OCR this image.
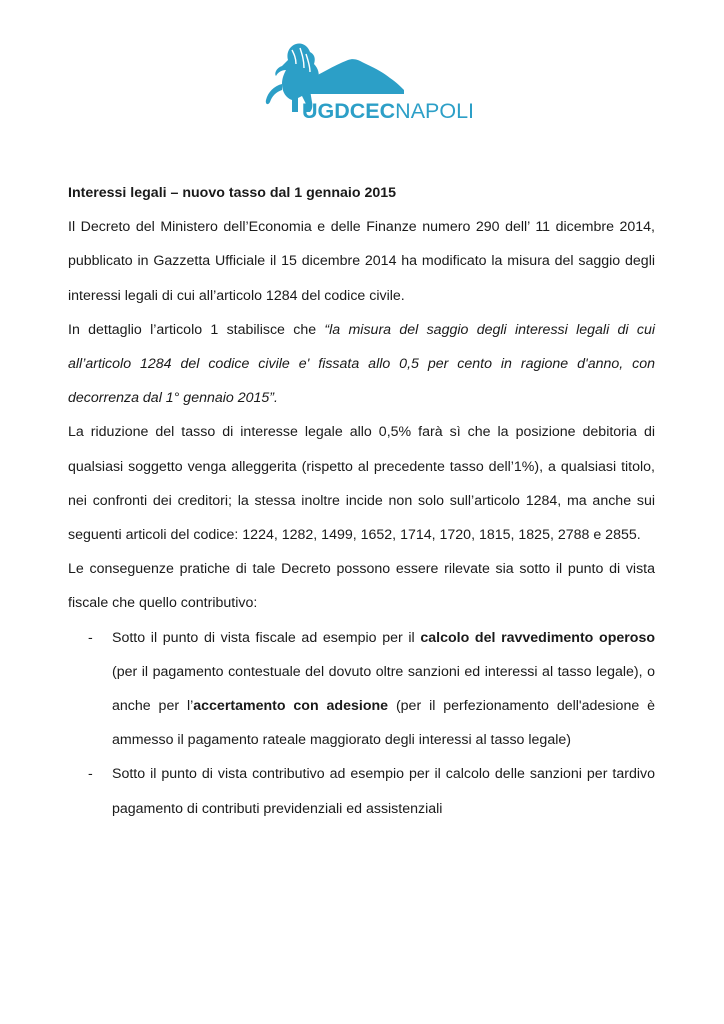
UGDCECNAPOLI

Interessi legali – nuovo tasso dal 1 gennaio 2015

Il Decreto del Ministero dell’Economia e delle Finanze numero 290 dell’ 11 dicembre 2014, pubblicato in Gazzetta Ufficiale il 15 dicembre 2014 ha modificato la misura del saggio degli interessi legali di cui all’articolo 1284 del codice civile.

In dettaglio l’articolo 1 stabilisce che “la misura del saggio degli interessi legali di cui all’articolo 1284 del codice civile e' fissata allo 0,5 per cento in ragione d'anno, con decorrenza dal 1° gennaio 2015”.

La riduzione del tasso di interesse legale allo 0,5% farà sì che la posizione debitoria di qualsiasi soggetto venga alleggerita (rispetto al precedente tasso dell’1%), a qualsiasi titolo, nei confronti dei creditori; la stessa inoltre incide non solo sull’articolo 1284, ma anche sui seguenti articoli del codice: 1224, 1282, 1499, 1652, 1714, 1720, 1815, 1825, 2788 e 2855.

Le conseguenze pratiche di tale Decreto possono essere rilevate sia sotto il punto di vista fiscale che quello contributivo:

- Sotto il punto di vista fiscale ad esempio per il calcolo del ravvedimento operoso (per il pagamento contestuale del dovuto oltre sanzioni ed interessi al tasso legale), o anche per l’accertamento con adesione (per il perfezionamento dell'adesione è ammesso il pagamento rateale maggiorato degli interessi al tasso legale)
- Sotto il punto di vista contributivo ad esempio per il calcolo delle sanzioni per tardivo pagamento di contributi previdenziali ed assistenziali
